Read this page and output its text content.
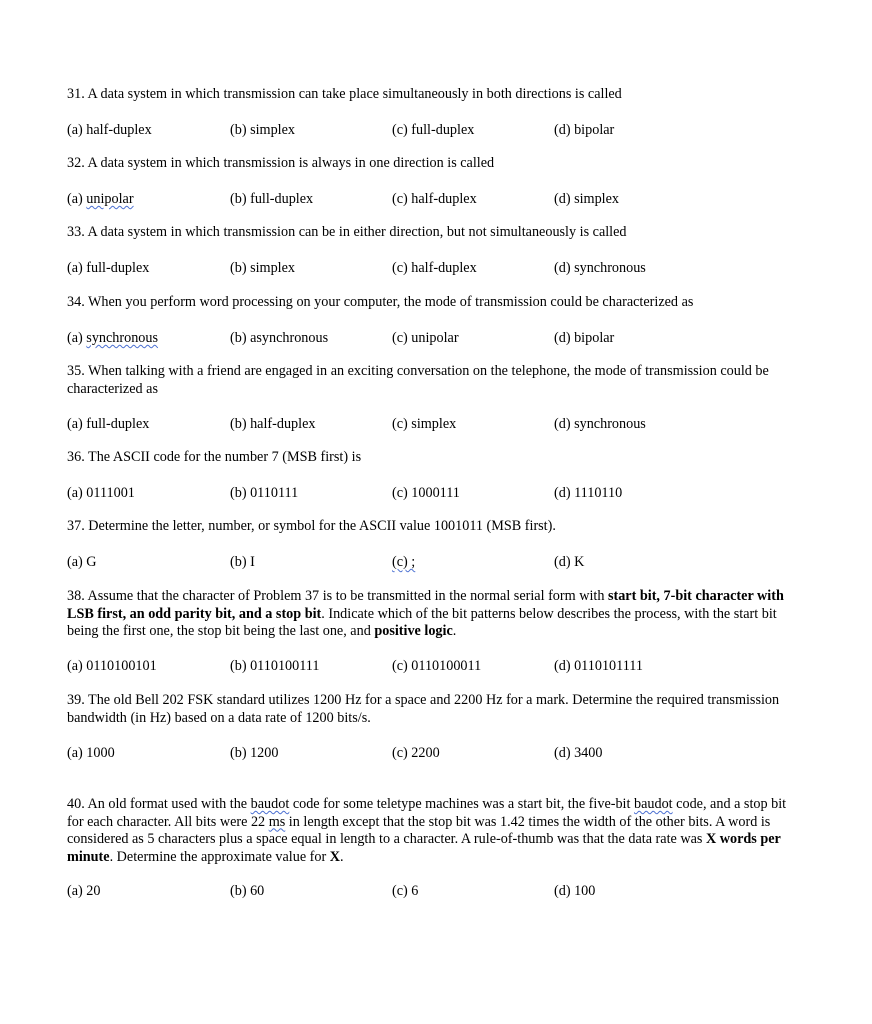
31. A data system in which transmission can take place simultaneously in both directions is called
(a) half-duplex	(b) simplex	(c) full-duplex	(d) bipolar
32. A data system in which transmission is always in one direction is called
(a) unipolar	(b) full-duplex	(c) half-duplex	(d) simplex
33. A data system in which transmission can be in either direction, but not simultaneously is called
(a) full-duplex	(b) simplex	(c) half-duplex	(d) synchronous
34. When you perform word processing on your computer, the mode of transmission could be characterized as
(a) synchronous	(b) asynchronous	(c) unipolar	(d) bipolar
35. When talking with a friend are engaged in an exciting conversation on the telephone, the mode of transmission could be characterized as
(a) full-duplex	(b) half-duplex	(c) simplex	(d) synchronous
36. The ASCII code for the number 7 (MSB first) is
(a) 0111001	(b) 0110111	(c) 1000111	(d) 1110110
37. Determine the letter, number, or symbol for the ASCII value 1001011 (MSB first).
(a) G	(b) I	(c) ;	(d) K
38. Assume that the character of Problem 37 is to be transmitted in the normal serial form with start bit, 7-bit character with LSB first, an odd parity bit, and a stop bit. Indicate which of the bit patterns below describes the process, with the start bit being the first one, the stop bit being the last one, and positive logic.
(a) 0110100101	(b) 0110100111	(c) 0110100011	(d) 0110101111
39. The old Bell 202 FSK standard utilizes 1200 Hz for a space and 2200 Hz for a mark. Determine the required transmission bandwidth (in Hz) based on a data rate of 1200 bits/s.
(a) 1000	(b) 1200	(c) 2200	(d) 3400
40. An old format used with the baudot code for some teletype machines was a start bit, the five-bit baudot code, and a stop bit for each character. All bits were 22 ms in length except that the stop bit was 1.42 times the width of the other bits. A word is considered as 5 characters plus a space equal in length to a character. A rule-of-thumb was that the data rate was X words per minute. Determine the approximate value for X.
(a) 20	(b) 60	(c) 6	(d) 100
